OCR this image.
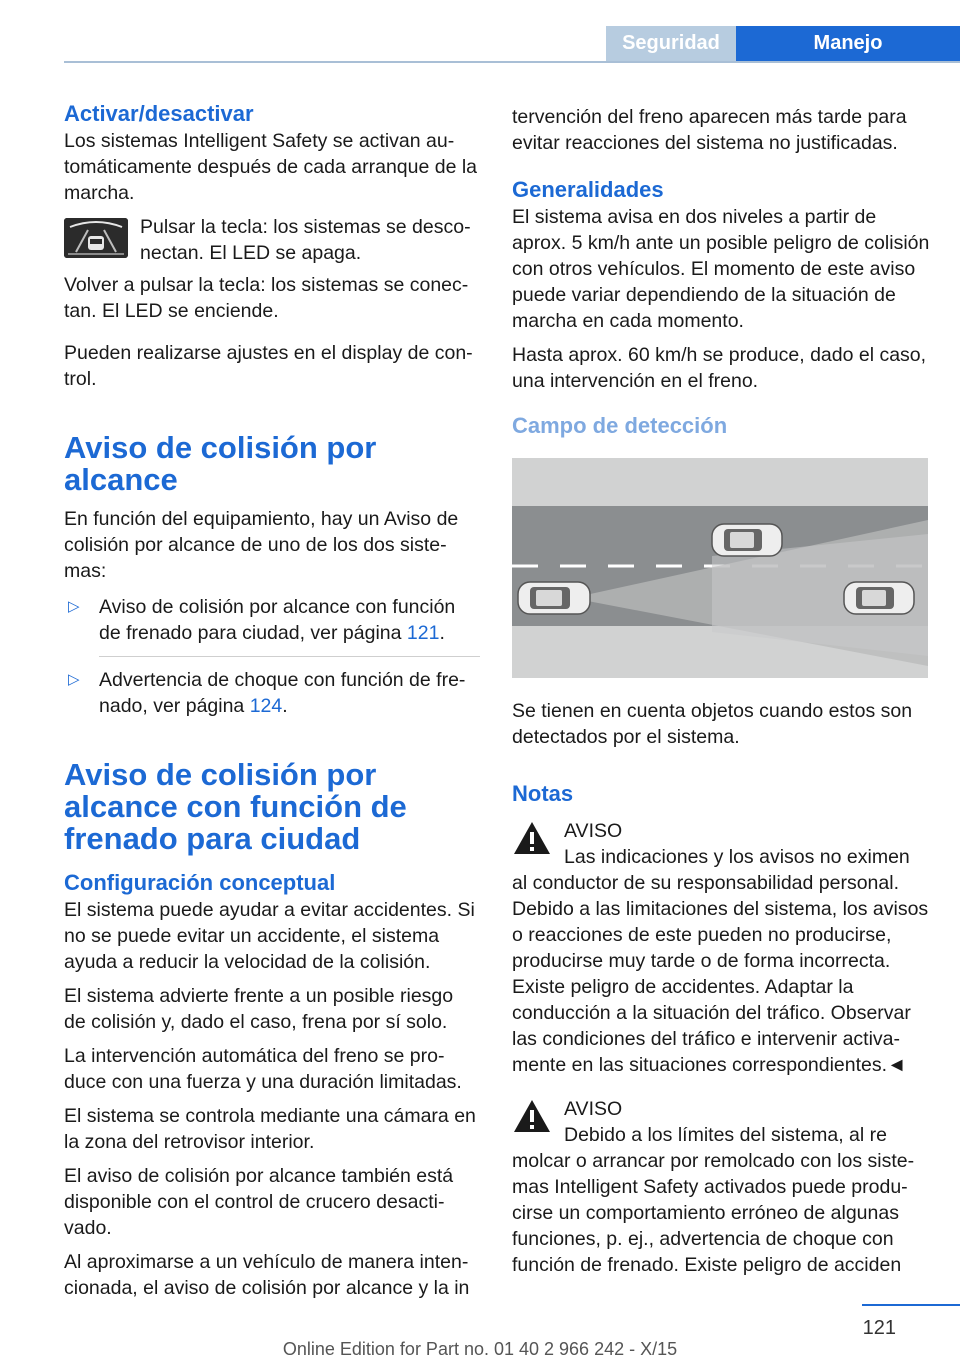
Seguridad	Manejo
Activar/desactivar

Los sistemas Intelligent Safety se activan automáticamente después de cada arranque de la marcha.

Pulsar la tecla: los sistemas se desconectan. El LED se apaga.

Volver a pulsar la tecla: los sistemas se conectan. El LED se enciende.

Pueden realizarse ajustes en el display de control.

Aviso de colisión por alcance

En función del equipamiento, hay un Aviso de colisión por alcance de uno de los dos sistemas:

▷ Aviso de colisión por alcance con función de frenado para ciudad, ver página 121.
▷ Advertencia de choque con función de frenado, ver página 124.
Aviso de colisión por alcance con función de frenado para ciudad
Configuración conceptual

El sistema puede ayudar a evitar accidentes. Si no se puede evitar un accidente, el sistema ayuda a reducir la velocidad de la colisión.

El sistema advierte frente a un posible riesgo de colisión y, dado el caso, frena por sí solo.

La intervención automática del freno se produce con una fuerza y una duración limitadas.

El sistema se controla mediante una cámara en la zona del retrovisor interior.

El aviso de colisión por alcance también está disponible con el control de crucero desactivado.

Al aproximarse a un vehículo de manera intencionada, el aviso de colisión por alcance y la in

tervención del freno aparecen más tarde para evitar reacciones del sistema no justificadas.

Generalidades

El sistema avisa en dos niveles a partir de aprox. 5 km/h ante un posible peligro de colisión con otros vehículos. El momento de este aviso puede variar dependiendo de la situación de marcha en cada momento.

Hasta aprox. 60 km/h se produce, dado el caso, una intervención en el freno.

Campo de detección

Se tienen en cuenta objetos cuando estos son detectados por el sistema.

Notas
AVISO
Las indicaciones y los avisos no eximen

al conductor de su responsabilidad personal. Debido a las limitaciones del sistema, los avisos o reacciones de este pueden no producirse, producirse muy tarde o de forma incorrecta. Existe peligro de accidentes. Adaptar la conducción a la situación del tráfico. Observar las condiciones del tráfico e intervenir activamente en las situaciones correspondientes.◄

AVISO
Debido a los límites del sistema, al re

molcar o arrancar por remolcado con los sistemas Intelligent Safety activados puede producirse un comportamiento erróneo de algunas funciones, p. ej., advertencia de choque con función de frenado. Existe peligro de acciden

121
Online Edition for Part no. 01 40 2 966 242 - X/15
